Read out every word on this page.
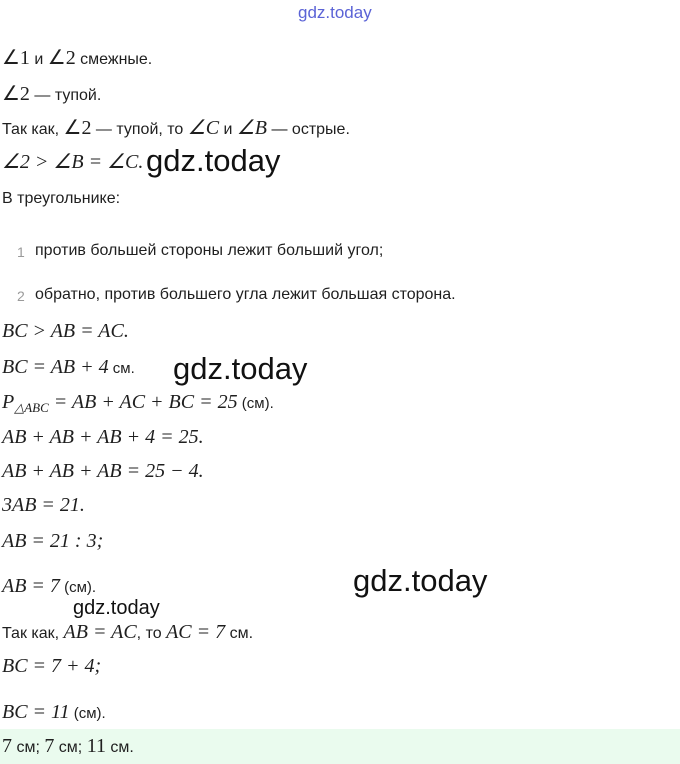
gdz.today
∠1 и ∠2 смежные.
∠2 — тупой.
Так как, ∠2 — тупой, то ∠C и ∠B — острые.
∠2 > ∠B = ∠C. gdz.today
В треугольнике:
1 против большей стороны лежит больший угол;
2 обратно, против большего угла лежит большая сторона.
BC > AB = AC.
BC = AB + 4 см. gdz.today
$P_{\triangle ABC}$ = AB + AC + BC = 25 (см).
AB + AB + AB + 4 = 25.
AB + AB + AB = 25 − 4.
3AB = 21.
AB = 21 : 3;
gdz.today
AB = 7 (см).
gdz.today
Так как, AB = AC, то AC = 7 см.
BC = 7 + 4;
BC = 11 (см).
7 см; 7 см; 11 см.
